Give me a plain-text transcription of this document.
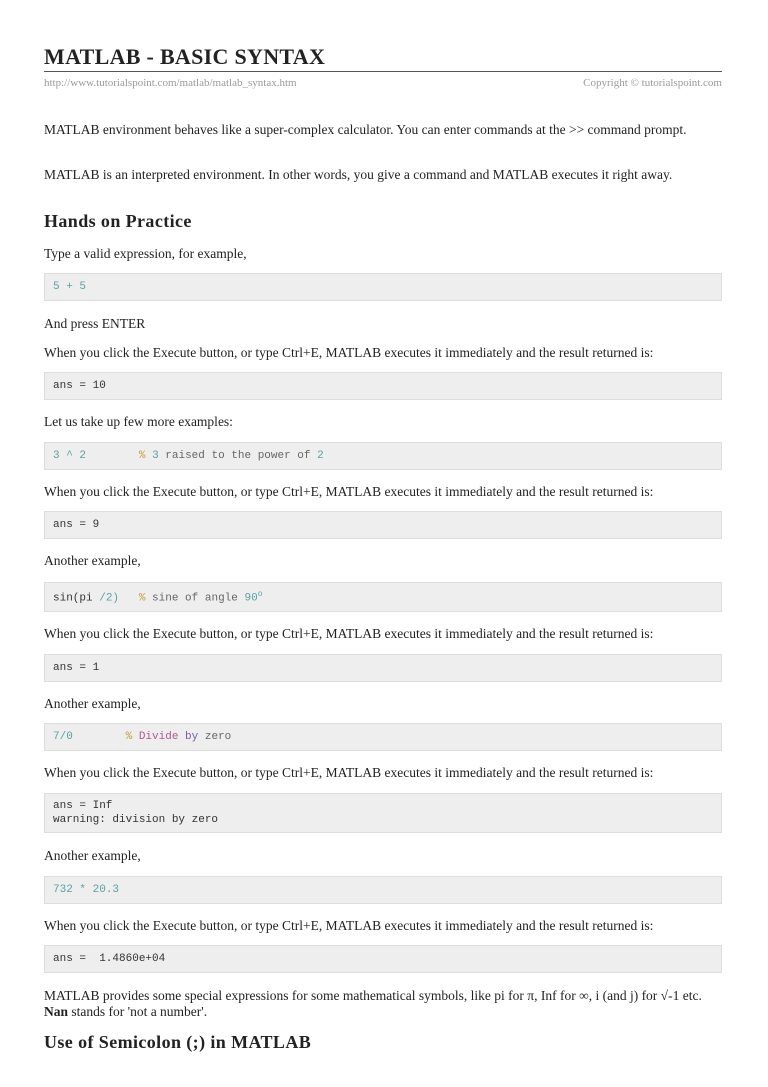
MATLAB - BASIC SYNTAX
http://www.tutorialspoint.com/matlab/matlab_syntax.htm	Copyright © tutorialspoint.com

MATLAB environment behaves like a super-complex calculator. You can enter commands at the >> command prompt.

MATLAB is an interpreted environment. In other words, you give a command and MATLAB executes it right away.

Hands on Practice

Type a valid expression, for example,

5 + 5

And press ENTER

When you click the Execute button, or type Ctrl+E, MATLAB executes it immediately and the result returned is:

ans = 10

Let us take up few more examples:

3 ^ 2	% 3 raised to the power of 2

When you click the Execute button, or type Ctrl+E, MATLAB executes it immediately and the result returned is:

ans = 9

Another example,

sin(pi /2) % sine of angle 90$^o$

When you click the Execute button, or type Ctrl+E, MATLAB executes it immediately and the result returned is:

ans = 1

Another example,

7/0	% Divide by zero

When you click the Execute button, or type Ctrl+E, MATLAB executes it immediately and the result returned is:

ans = Inf
warning: division by zero

Another example,

732 * 20.3

When you click the Execute button, or type Ctrl+E, MATLAB executes it immediately and the result returned is:

ans =  1.4860e+04

MATLAB provides some special expressions for some mathematical symbols, like pi for π, Inf for ∞, i (and j) for √-1 etc. Nan stands for 'not a number'.

Use of Semicolon (;) in MATLAB
